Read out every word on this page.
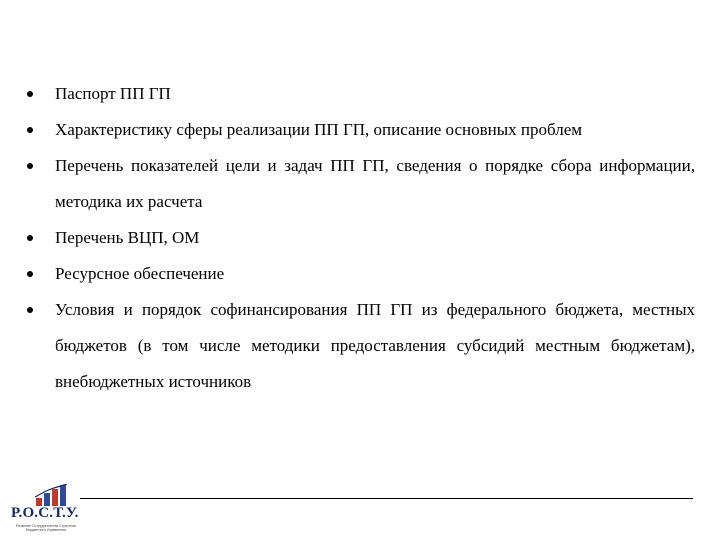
Паспорт ПП ГП
Характеристику сферы реализации ПП ГП, описание основных проблем
Перечень показателей цели и задач ПП ГП, сведения о порядке сбора информации, методика их расчета
Перечень ВЦП, ОМ
Ресурсное обеспечение
Условия и порядок софинансирования ПП ГП из федерального бюджета, местных бюджетов (в том числе методики предоставления субсидий местным бюджетам), внебюджетных источников
Р.О.С.Т.У.
Развитие Сотрудничества Стратегии Бюджетного Управления
